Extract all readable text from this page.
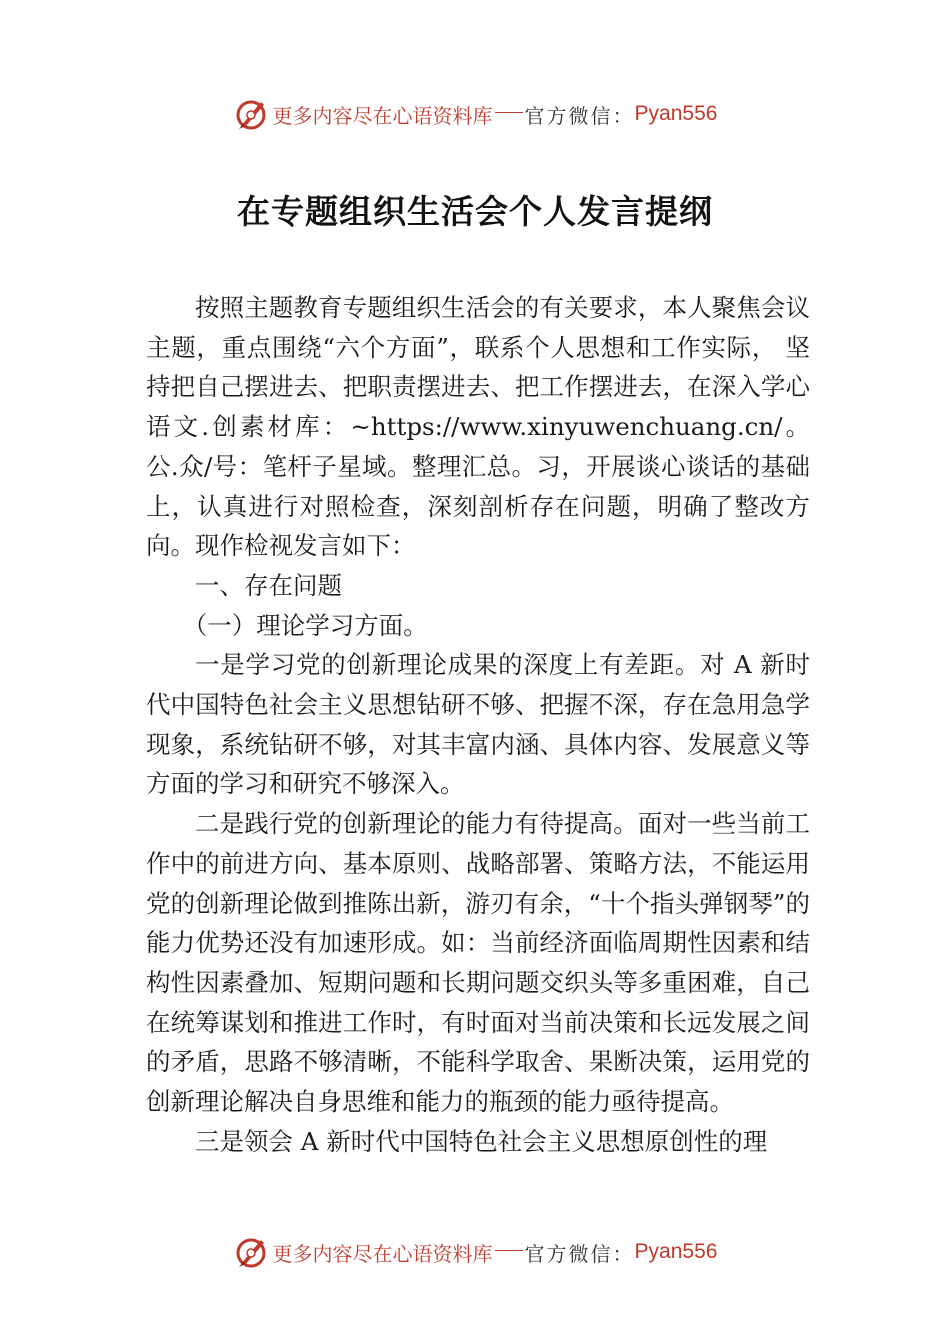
更多内容尽在心语资料库 官方微信： Pyan556
在专题组织生活会个人发言提纲

按照主题教育专题组织生活会的有关要求，本人聚焦会议主题，重点围绕“六个方面”，联系个人思想和工作实际， 坚持把自己摆进去、把职责摆进去、把工作摆进去，在深入学心语文.创素材库：~https://www.xinyuwenchuang.cn/。公.众/号：笔杆子星域。整理汇总。习，开展谈心谈话的基础上，认真进行对照检查，深刻剖析存在问题，明确了整改方向。现作检视发言如下：

一、存在问题

（一）理论学习方面。

一是学习党的创新理论成果的深度上有差距。对 A 新时代中国特色社会主义思想钻研不够、把握不深，存在急用急学现象，系统钻研不够，对其丰富内涵、具体内容、发展意义等方面的学习和研究不够深入。

二是践行党的创新理论的能力有待提高。面对一些当前工作中的前进方向、基本原则、战略部署、策略方法，不能运用党的创新理论做到推陈出新，游刃有余，“十个指头弹钢琴”的能力优势还没有加速形成。如：当前经济面临周期性因素和结构性因素叠加、短期问题和长期问题交织头等多重困难，自己在统筹谋划和推进工作时，有时面对当前决策和长远发展之间的矛盾，思路不够清晰，不能科学取舍、果断决策，运用党的创新理论解决自身思维和能力的瓶颈的能力亟待提高。

三是领会 A 新时代中国特色社会主义思想原创性的理

更多内容尽在心语资料库 官方微信： Pyan556
